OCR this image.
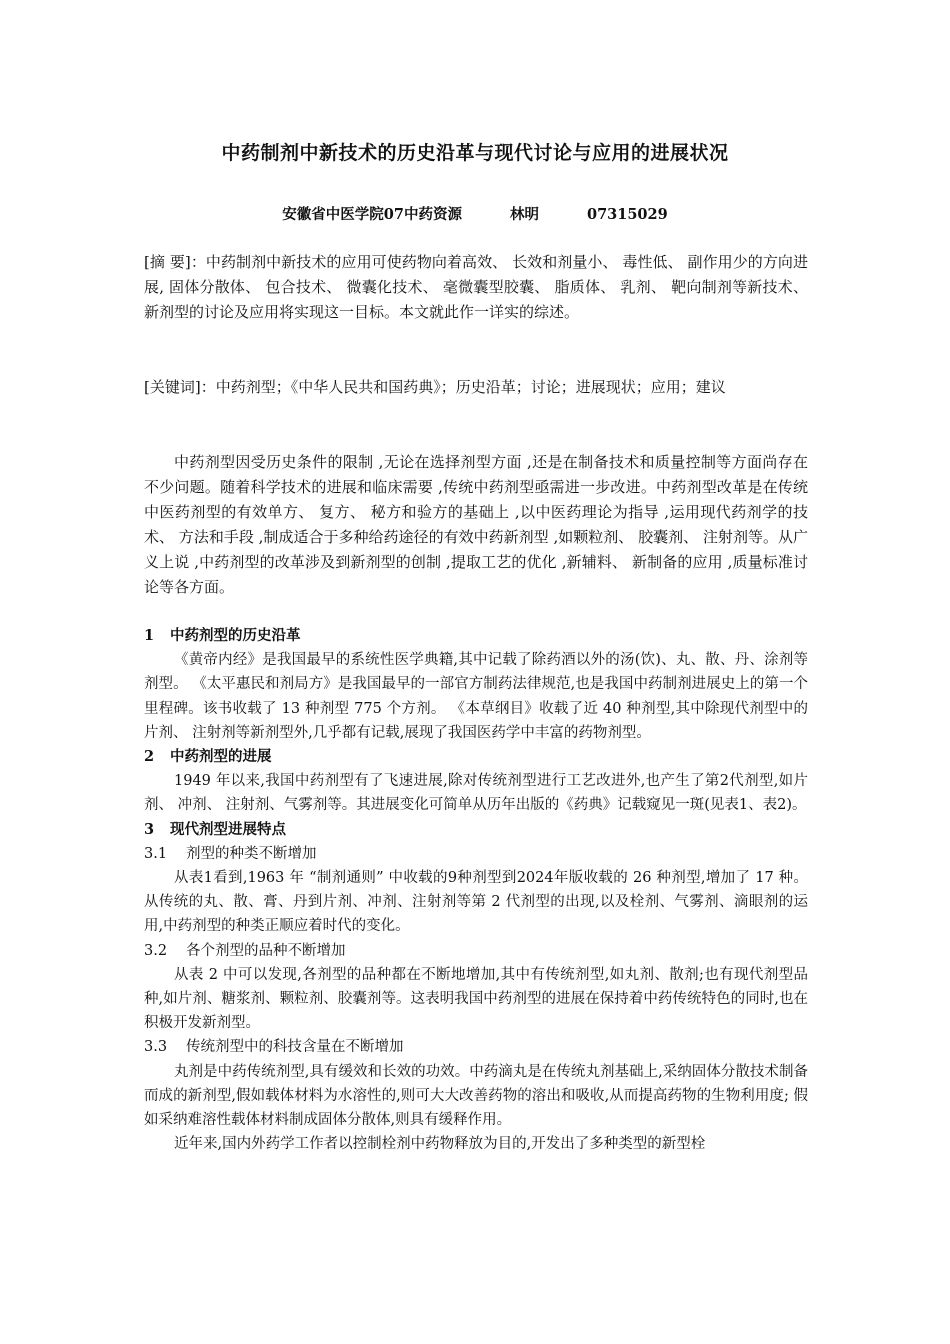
中药制剂中新技术的历史沿革与现代讨论与应用的进展状况
安徽省中医学院07中药资源	林明	07315029
[摘 要]：中药制剂中新技术的应用可使药物向着高效、 长效和剂量小、 毒性低、 副作用少的方向进展, 固体分散体、 包合技术、 微囊化技术、 毫微囊型胶囊、 脂质体、 乳剂、 靶向制剂等新技术、 新剂型的讨论及应用将实现这一目标。本文就此作一详实的综述。
[关键词]：中药剂型；《中华人民共和国药典》；历史沿革；讨论；进展现状；应用；建议
中药剂型因受历史条件的限制 ,无论在选择剂型方面 ,还是在制备技术和质量控制等方面尚存在不少问题。随着科学技术的进展和临床需要 ,传统中药剂型亟需进一步改进。中药剂型改革是在传统中医药剂型的有效单方、 复方、 秘方和验方的基础上 ,以中医药理论为指导 ,运用现代药剂学的技术、 方法和手段 ,制成适合于多种给药途径的有效中药新剂型 ,如颗粒剂、 胶囊剂、 注射剂等。从广义上说 ,中药剂型的改革涉及到新剂型的创制 ,提取工艺的优化 ,新辅料、 新制备的应用 ,质量标准讨论等各方面。
1 中药剂型的历史沿革

《黄帝内经》是我国最早的系统性医学典籍,其中记载了除药酒以外的汤(饮)、丸、散、丹、涂剂等剂型。 《太平惠民和剂局方》是我国最早的一部官方制药法律规范,也是我国中药制剂进展史上的第一个里程碑。该书收载了 13 种剂型 775 个方剂。 《本草纲目》收载了近 40 种剂型,其中除现代剂型中的片剂、 注射剂等新剂型外,几乎都有记载,展现了我国医药学中丰富的药物剂型。

2 中药剂型的进展

1949 年以来,我国中药剂型有了飞速进展,除对传统剂型进行工艺改进外,也产生了第2代剂型,如片剂、 冲剂、 注射剂、气雾剂等。其进展变化可简单从历年出版的《药典》记载窥见一斑(见表1、表2)。

3 现代剂型进展特点
3.1 剂型的种类不断增加

从表1看到,1963 年 “制剂通则” 中收载的9种剂型到2024年版收载的 26 种剂型,增加了 17 种。从传统的丸、散、膏、丹到片剂、冲剂、注射剂等第 2 代剂型的出现,以及栓剂、气雾剂、滴眼剂的运用,中药剂型的种类正顺应着时代的变化。

3.2 各个剂型的品种不断增加

从表 2 中可以发现,各剂型的品种都在不断地增加,其中有传统剂型,如丸剂、散剂;也有现代剂型品种,如片剂、糖浆剂、颗粒剂、胶囊剂等。这表明我国中药剂型的进展在保持着中药传统特色的同时,也在积极开发新剂型。

3.3 传统剂型中的科技含量在不断增加

丸剂是中药传统剂型,具有缓效和长效的功效。中药滴丸是在传统丸剂基础上,采纳固体分散技术制备而成的新剂型,假如载体材料为水溶性的,则可大大改善药物的溶出和吸收,从而提高药物的生物利用度; 假如采纳难溶性载体材料制成固体分散体,则具有缓释作用。

近年来,国内外药学工作者以控制栓剂中药物释放为目的,开发出了多种类型的新型栓
